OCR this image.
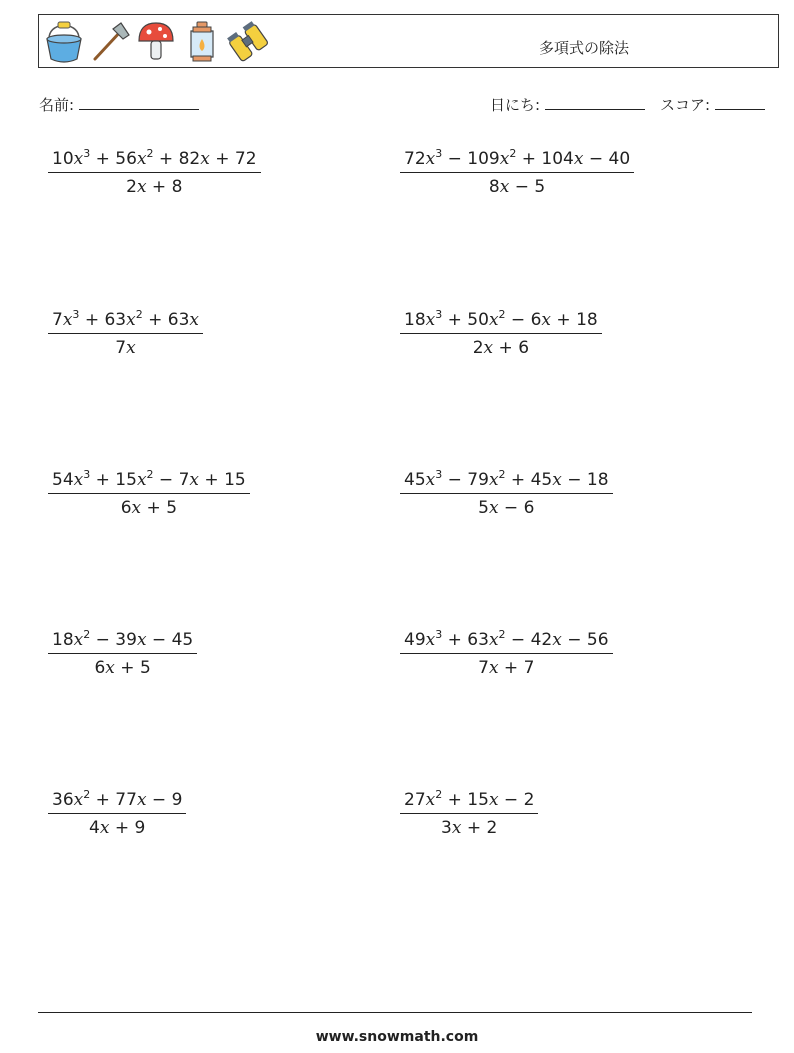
多項式の除法
名前:	日にち:	スコア:
$10x^3 + 56x^2 + 82x + 72$
2x + 8
$72x^3 - 109x^2 + 104x - 40$
8x − 5
$7x^3 + 63x^2 + 63x$
7x
$18x^3 + 50x^2 - 6x + 18$
2x + 6
$54x^3 + 15x^2 - 7x + 15$
6x + 5
$45x^3 - 79x^2 + 45x - 18$
5x − 6
$18x^2 - 39x - 45$
6x + 5
$49x^3 + 63x^2 - 42x - 56$
7x + 7
$36x^2 + 77x - 9$
4x + 9
$27x^2 + 15x - 2$
3x + 2
www.snowmath.com
